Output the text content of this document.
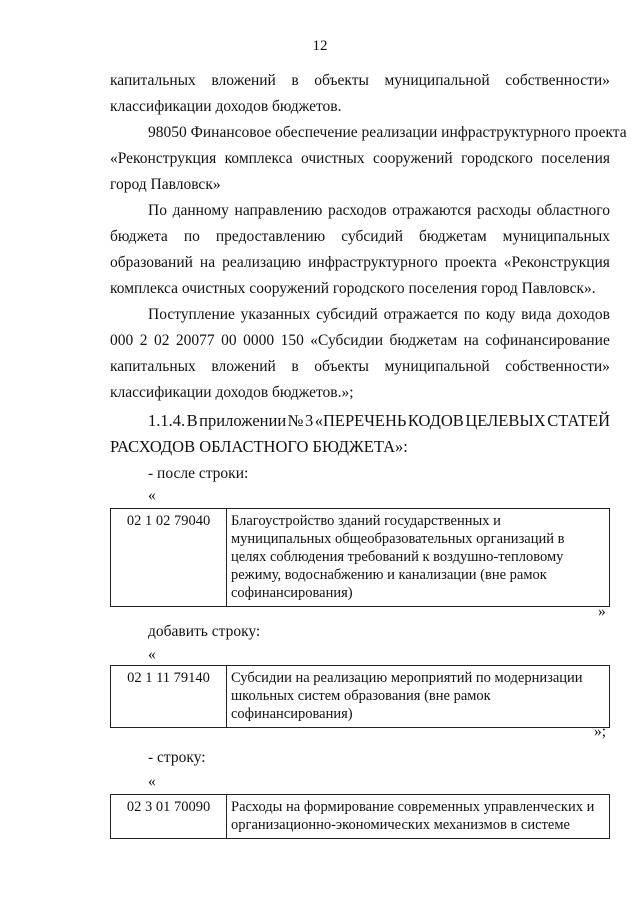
12
капитальных вложений в объекты муниципальной собственности»
классификации доходов бюджетов.
98050 Финансовое обеспечение реализации инфраструктурного проекта
«Реконструкция комплекса очистных сооружений городского поселения
город Павловск»
По данному направлению расходов отражаются расходы областного
бюджета по предоставлению субсидий бюджетам муниципальных
образований на реализацию инфраструктурного проекта «Реконструкция
комплекса очистных сооружений городского поселения город Павловск».
Поступление указанных субсидий отражается по коду вида доходов
000 2 02 20077 00 0000 150 «Субсидии бюджетам на софинансирование
капитальных вложений в объекты муниципальной собственности»
классификации доходов бюджетов.»;
1.1.4. В приложении № 3 «ПЕРЕЧЕНЬ КОДОВ ЦЕЛЕВЫХ СТАТЕЙ
РАСХОДОВ ОБЛАСТНОГО БЮДЖЕТА»:
- после строки:
«
02 1 02 79040	Благоустройство зданий государственных и
муниципальных общеобразовательных организаций в
целях соблюдения требований к воздушно-тепловому
режиму, водоснабжению и канализации (вне рамок
софинансирования)
»
добавить строку:
«
02 1 11 79140	Субсидии на реализацию мероприятий по модернизации
школьных систем образования (вне рамок
софинансирования)
»;
- строку:
«
02 3 01 70090	Расходы на формирование современных управленческих и
организационно-экономических механизмов в системе
